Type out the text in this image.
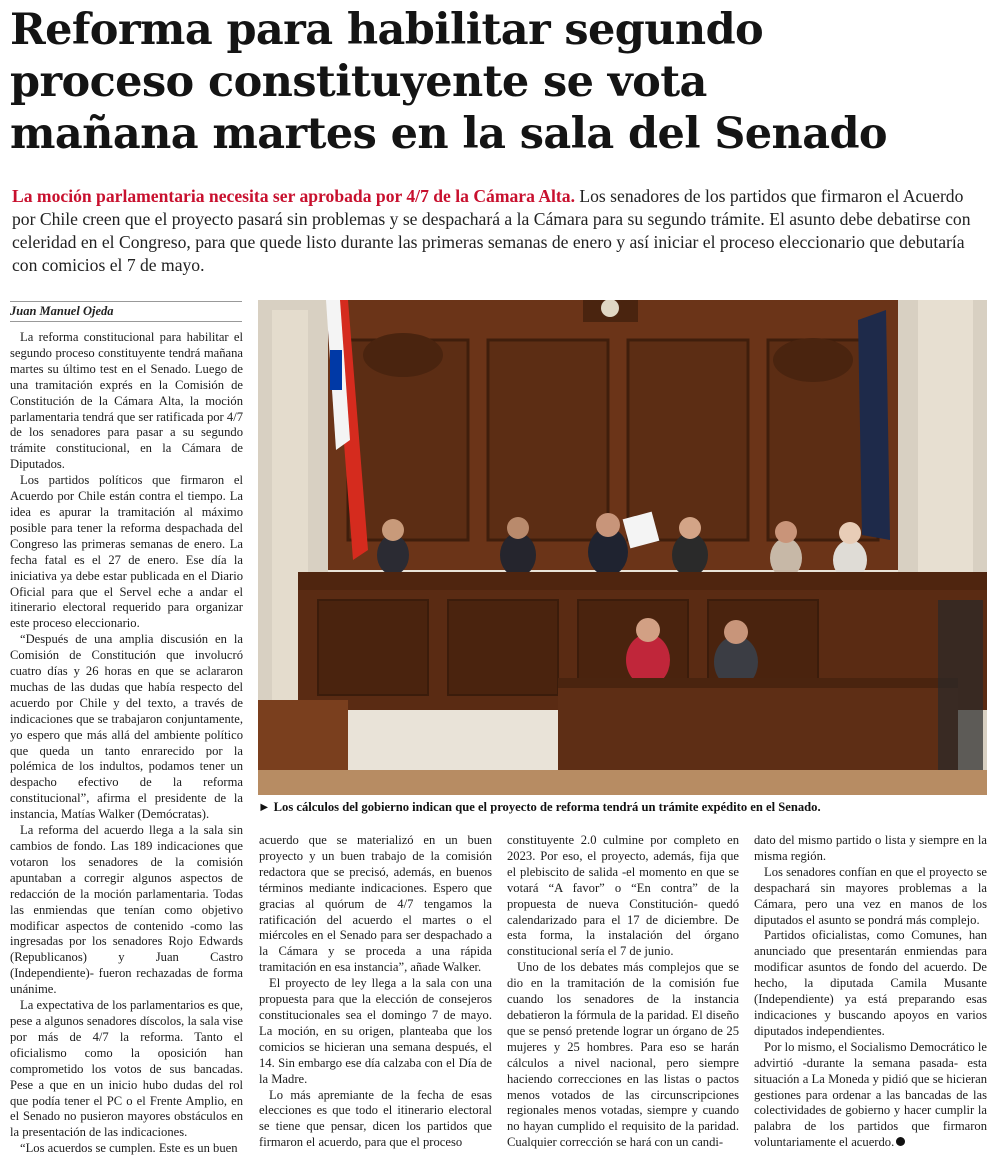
Reforma para habilitar segundo
proceso constituyente se vota
mañana martes en la sala del Senado

La moción parlamentaria necesita ser aprobada por 4/7 de la Cámara Alta. Los senadores de los partidos que firmaron el Acuerdo por Chile creen que el proyecto pasará sin problemas y se despachará a la Cámara para su segundo trámite. El asunto debe debatirse con celeridad en el Congreso, para que quede listo durante las primeras semanas de enero y así iniciar el proceso eleccionario que debutaría con comicios el 7 de mayo.

Juan Manuel Ojeda

La reforma constitucional para habilitar el segundo proceso constituyente tendrá mañana martes su último test en el Senado. Luego de una tramitación exprés en la Comisión de Constitución de la Cámara Alta, la moción parlamentaria tendrá que ser ratificada por 4/7 de los senadores para pasar a su segundo trámite constitucional, en la Cámara de Diputados.

Los partidos políticos que firmaron el Acuerdo por Chile están contra el tiempo. La idea es apurar la tramitación al máximo posible para tener la reforma despachada del Congreso las primeras semanas de enero. La fecha fatal es el 27 de enero. Ese día la iniciativa ya debe estar publicada en el Diario Oficial para que el Servel eche a andar el itinerario electoral requerido para organizar este proceso eleccionario.

“Después de una amplia discusión en la Comisión de Constitución que involucró cuatro días y 26 horas en que se aclararon muchas de las dudas que había respecto del acuerdo por Chile y del texto, a través de indicaciones que se trabajaron conjuntamente, yo espero que más allá del ambiente político que queda un tanto enrarecido por la polémica de los indultos, podamos tener un despacho efectivo de la reforma constitucional”, afirma el presidente de la instancia, Matías Walker (Demócratas).

La reforma del acuerdo llega a la sala sin cambios de fondo. Las 189 indicaciones que votaron los senadores de la comisión apuntaban a corregir algunos aspectos de redacción de la moción parlamentaria. Todas las enmiendas que tenían como objetivo modificar aspectos de contenido -como las ingresadas por los senadores Rojo Edwards (Republicanos) y Juan Castro (Independiente)- fueron rechazadas de forma unánime.

La expectativa de los parlamentarios es que, pese a algunos senadores díscolos, la sala vise por más de 4/7 la reforma. Tanto el oficialismo como la oposición han comprometido los votos de sus bancadas. Pese a que en un inicio hubo dudas del rol que podía tener el PC o el Frente Amplio, en el Senado no pusieron mayores obstáculos en la presentación de las indicaciones.

“Los acuerdos se cumplen. Este es un buen

► Los cálculos del gobierno indican que el proyecto de reforma tendrá un trámite expédito en el Senado.

acuerdo que se materializó en un buen proyecto y un buen trabajo de la comisión redactora que se precisó, además, en buenos términos mediante indicaciones. Espero que gracias al quórum de 4/7 tengamos la ratificación del acuerdo el martes o el miércoles en el Senado para ser despachado a la Cámara y se proceda a una rápida tramitación en esa instancia”, añade Walker.

El proyecto de ley llega a la sala con una propuesta para que la elección de consejeros constitucionales sea el domingo 7 de mayo. La moción, en su origen, planteaba que los comicios se hicieran una semana después, el 14. Sin embargo ese día calzaba con el Día de la Madre.

Lo más apremiante de la fecha de esas elecciones es que todo el itinerario electoral se tiene que pensar, dicen los partidos que firmaron el acuerdo, para que el proceso

constituyente 2.0 culmine por completo en 2023. Por eso, el proyecto, además, fija que el plebiscito de salida -el momento en que se votará “A favor” o “En contra” de la propuesta de nueva Constitución- quedó calendarizado para el 17 de diciembre. De esta forma, la instalación del órgano constitucional sería el 7 de junio.

Uno de los debates más complejos que se dio en la tramitación de la comisión fue cuando los senadores de la instancia debatieron la fórmula de la paridad. El diseño que se pensó pretende lograr un órgano de 25 mujeres y 25 hombres. Para eso se harán cálculos a nivel nacional, pero siempre haciendo correcciones en las listas o pactos menos votados de las circunscripciones regionales menos votadas, siempre y cuando no hayan cumplido el requisito de la paridad. Cualquier corrección se hará con un candi-

dato del mismo partido o lista y siempre en la misma región.

Los senadores confían en que el proyecto se despachará sin mayores problemas a la Cámara, pero una vez en manos de los diputados el asunto se pondrá más complejo.

Partidos oficialistas, como Comunes, han anunciado que presentarán enmiendas para modificar asuntos de fondo del acuerdo. De hecho, la diputada Camila Musante (Independiente) ya está preparando esas indicaciones y buscando apoyos en varios diputados independientes.

Por lo mismo, el Socialismo Democrático le advirtió -durante la semana pasada- esta situación a La Moneda y pidió que se hicieran gestiones para ordenar a las bancadas de las colectividades de gobierno y hacer cumplir la palabra de los partidos que firmaron voluntariamente el acuerdo.
